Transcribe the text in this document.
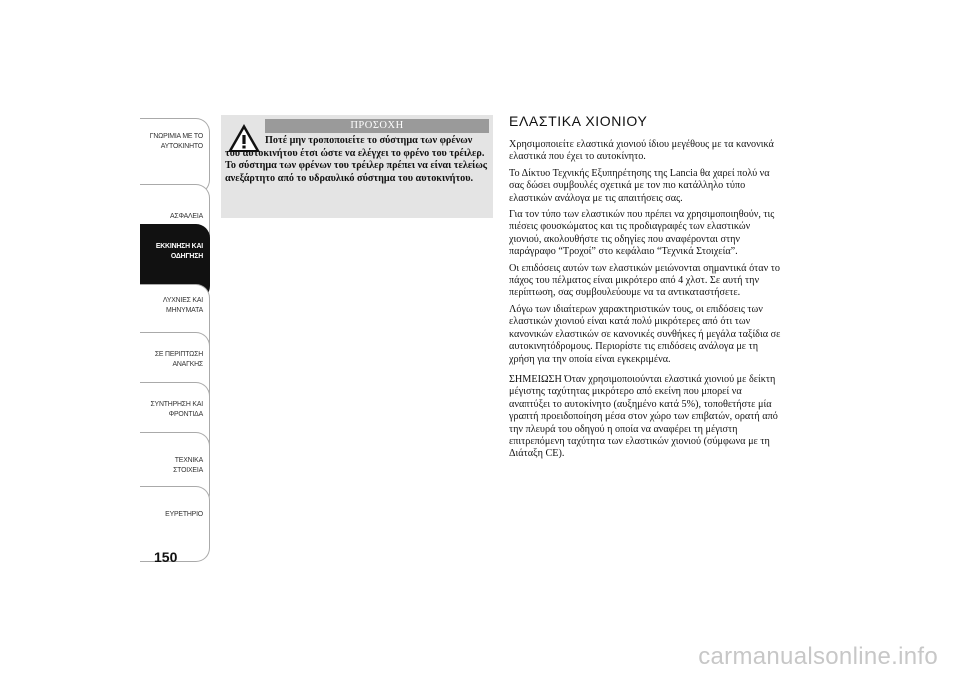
ΓΝΩΡΙΜΙΑ ΜΕ ΤΟ ΑΥΤΟΚΙΝΗΤΟ
ΑΣΦΑΛΕΙΑ
ΕΚΚΙΝΗΣΗ ΚΑΙ ΟΔΗΓΗΣΗ
ΛΥΧΝΙΕΣ ΚΑΙ ΜΗΝΥΜΑΤΑ
ΣΕ ΠΕΡΙΠΤΩΣΗ ΑΝΑΓΚΗΣ
ΣΥΝΤΗΡΗΣΗ ΚΑΙ ΦΡΟΝΤΙΔΑ
ΤΕΧΝΙΚΑ ΣΤΟΙΧΕΙΑ
ΕΥΡΕΤΗΡΙΟ
150
ΠΡΟΣΟΧΗ
Ποτέ μην τροποποιείτε το σύστημα των φρένων του αυτοκινήτου έτσι ώστε να ελέγχει το φρένο του τρέιλερ. Το σύστημα των φρένων του τρέιλερ πρέπει να είναι τελείως ανεξάρτητο από το υδραυλικό σύστημα του αυτοκινήτου.
ΕΛΑΣΤΙΚΑ ΧΙΟΝΙΟΥ

Χρησιμοποιείτε ελαστικά χιονιού ίδιου μεγέθους με τα κανονικά ελαστικά που έχει το αυτοκίνητο.

Το Δίκτυο Τεχνικής Εξυπηρέτησης της Lancia θα χαρεί πολύ να σας δώσει συμβουλές σχετικά με τον πιο κατάλληλο τύπο ελαστικών ανάλογα με τις απαιτήσεις σας.

Για τον τύπο των ελαστικών που πρέπει να χρησιμοποιηθούν, τις πιέσεις φουσκώματος και τις προδιαγραφές των ελαστικών χιονιού, ακολουθήστε τις οδηγίες που αναφέρονται στην παράγραφο “Τροχοί” στο κεφάλαιο “Τεχνικά Στοιχεία”.

Οι επιδόσεις αυτών των ελαστικών μειώνονται σημαντικά όταν το πάχος του πέλματος είναι μικρότερο από 4 χλστ. Σε αυτή την περίπτωση, σας συμβουλεύουμε να τα αντικαταστήσετε.

Λόγω των ιδιαίτερων χαρακτηριστικών τους, οι επιδόσεις των ελαστικών χιονιού είναι κατά πολύ μικρότερες από ότι των κανονικών ελαστικών σε κανονικές συνθήκες ή μεγάλα ταξίδια σε αυτοκινητόδρομους. Περιορίστε τις επιδόσεις ανάλογα με τη χρήση για την οποία είναι εγκεκριμένα.

ΣΗΜΕΙΩΣΗ Όταν χρησιμοποιούνται ελαστικά χιονιού με δείκτη μέγιστης ταχύτητας μικρότερο από εκείνη που μπορεί να αναπτύξει το αυτοκίνητο (αυξημένο κατά 5%), τοποθετήστε μία γραπτή προειδοποίηση μέσα στον χώρο των επιβατών, ορατή από την πλευρά του οδηγού η οποία να αναφέρει τη μέγιστη επιτρεπόμενη ταχύτητα των ελαστικών χιονιού (σύμφωνα με τη Διάταξη CE).

carmanualsonline.info
